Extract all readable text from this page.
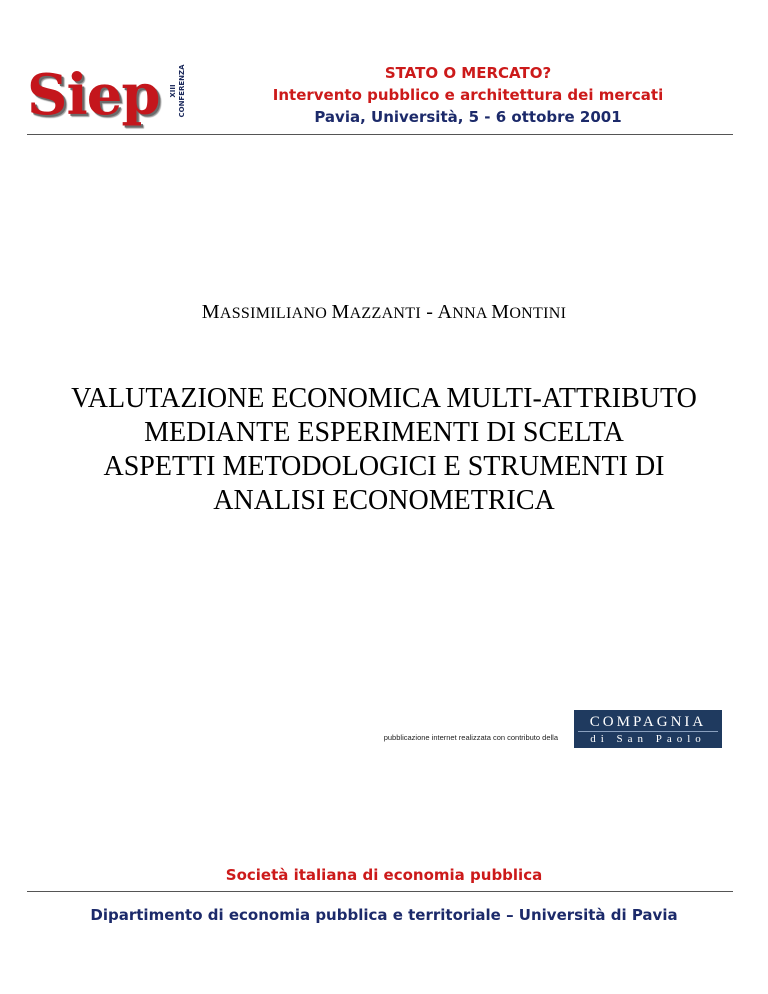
Siep XIII CONFERENZA	STATO O MERCATO?
Intervento pubblico e architettura dei mercati
Pavia, Università, 5 - 6 ottobre 2001
MASSIMILIANO MAZZANTI - ANNA MONTINI
VALUTAZIONE ECONOMICA MULTI-ATTRIBUTO
MEDIANTE ESPERIMENTI DI SCELTA
ASPETTI METODOLOGICI E STRUMENTI DI
ANALISI ECONOMETRICA
pubblicazione internet realizzata con contributo della
COMPAGNIA
di San Paolo
Società italiana di economia pubblica
Dipartimento di economia pubblica e territoriale – Università di Pavia
